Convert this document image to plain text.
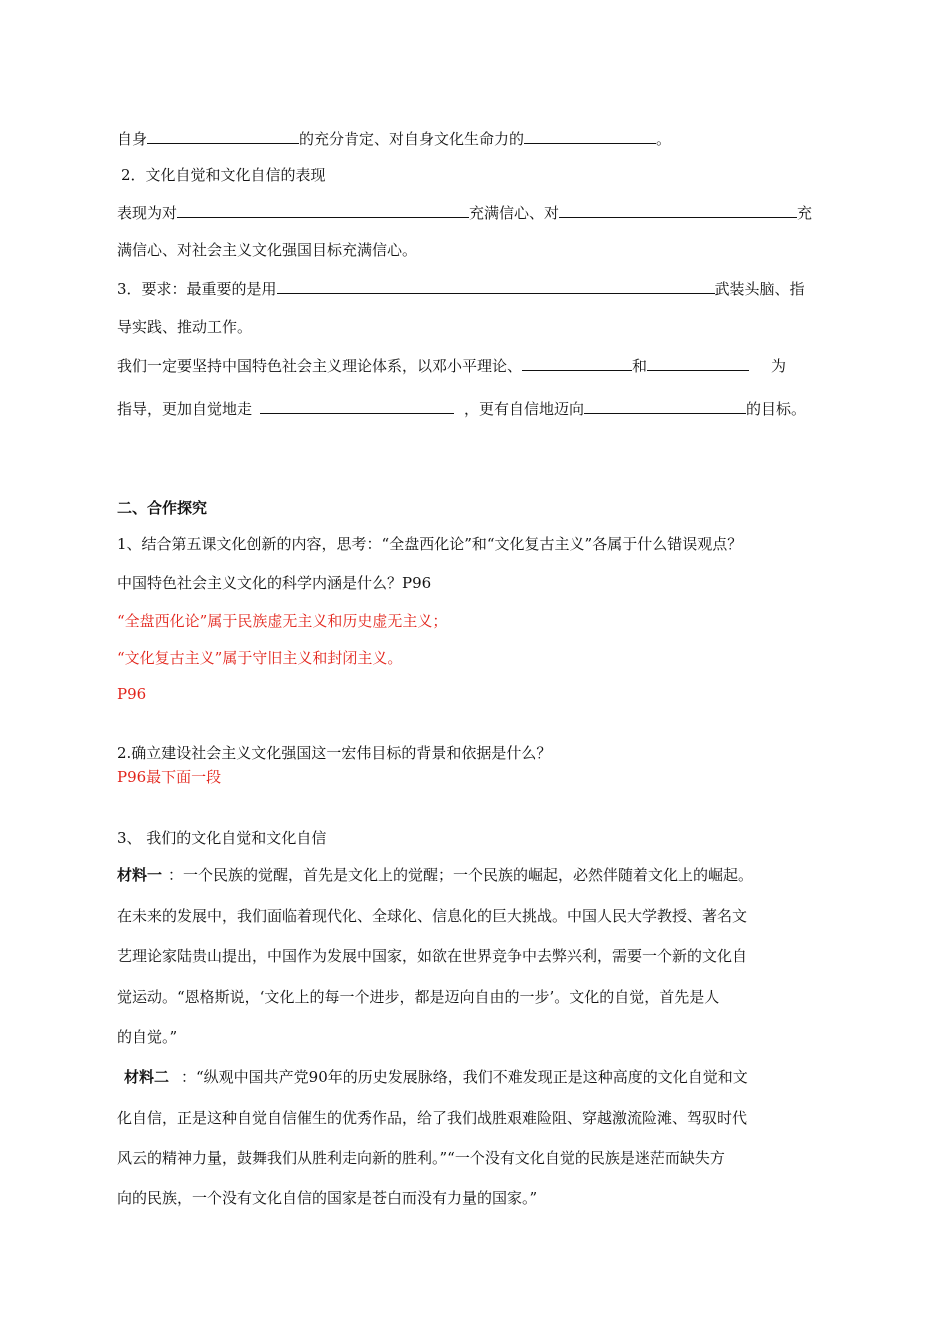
自身	的充分肯定、对自身文化生命力的	。
2．文化自觉和文化自信的表现
表现为对	充满信心、对	充
满信心、对社会主义文化强国目标充满信心。
3．要求：最重要的是用	武装头脑、指
导实践、推动工作。
我们一定要坚持中国特色社会主义理论体系，以邓小平理论、	和	为
指导，更加自觉地走	，更有自信地迈向	的目标。
二、合作探究
1、结合第五课文化创新的内容，思考：“全盘西化论”和“文化复古主义”各属于什么错误观点？
中国特色社会主义文化的科学内涵是什么？P96
“全盘西化论”属于民族虚无主义和历史虚无主义；
“文化复古主义”属于守旧主义和封闭主义。
P96
2.确立建设社会主义文化强国这一宏伟目标的背景和依据是什么？
P96最下面一段
3、 我们的文化自觉和文化自信
材料一 ：一个民族的觉醒，首先是文化上的觉醒；一个民族的崛起，必然伴随着文化上的崛起。
在未来的发展中，我们面临着现代化、全球化、信息化的巨大挑战。中国人民大学教授、著名文
艺理论家陆贵山提出，中国作为发展中国家，如欲在世界竞争中去弊兴利，需要一个新的文化自
觉运动。“恩格斯说，‘文化上的每一个进步，都是迈向自由的一步’。文化的自觉，首先是人
的自觉。”
材料二 ：“纵观中国共产党90年的历史发展脉络，我们不难发现正是这种高度的文化自觉和文
化自信，正是这种自觉自信催生的优秀作品，给了我们战胜艰难险阻、穿越激流险滩、驾驭时代
风云的精神力量，鼓舞我们从胜利走向新的胜利。”“一个没有文化自觉的民族是迷茫而缺失方
向的民族，一个没有文化自信的国家是苍白而没有力量的国家。”
